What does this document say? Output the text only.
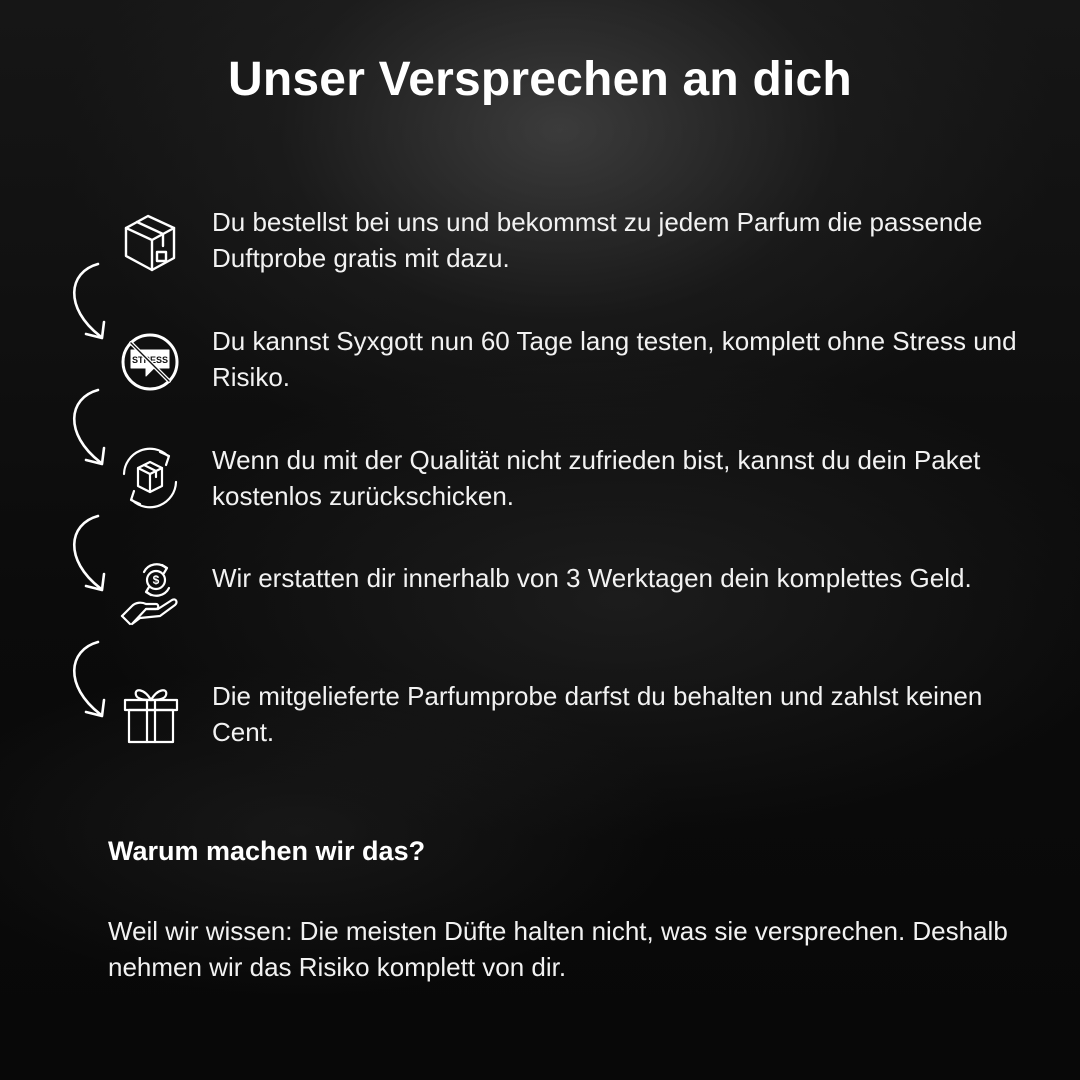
Unser Versprechen an dich
Du bestellst bei uns und bekommst zu jedem Parfum die passende Duftprobe gratis mit dazu.
STRESS
Du kannst Syxgott nun 60 Tage lang testen, komplett ohne Stress und Risiko.
Wenn du mit der Qualität nicht zufrieden bist, kannst du dein Paket kostenlos zurückschicken.
$ Wir erstatten dir innerhalb von 3 Werktagen dein komplettes Geld.
Die mitgelieferte Parfumprobe darfst du behalten und zahlst keinen Cent.
Warum machen wir das?
Weil wir wissen: Die meisten Düfte halten nicht, was sie versprechen. Deshalb nehmen wir das Risiko komplett von dir.
